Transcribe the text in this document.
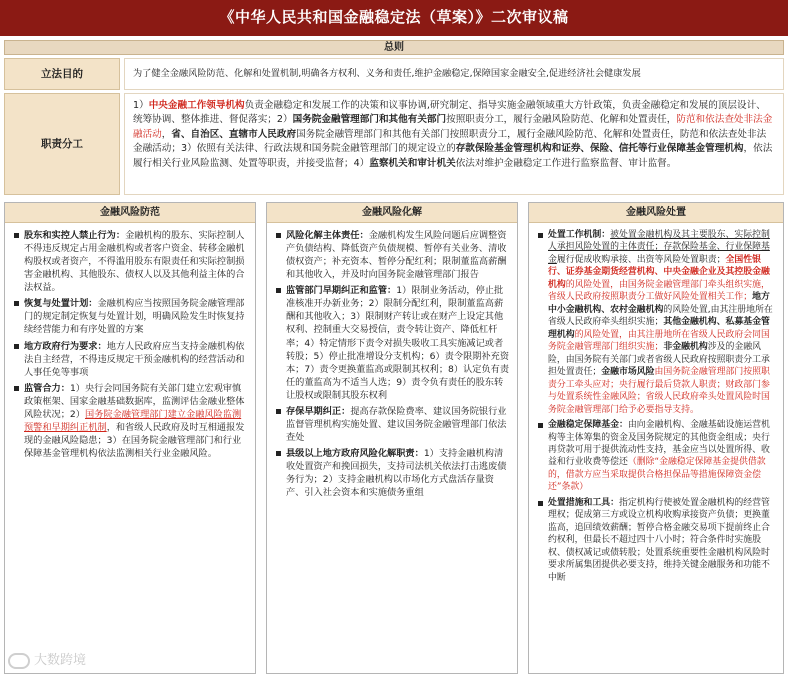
《中华人民共和国金融稳定法（草案）》二次审议稿
总则
立法目的	为了健全金融风险防范、化解和处置机制,明确各方权利、义务和责任,维护金融稳定,保障国家金融安全,促进经济社会健康发展
职责分工
1）中央金融工作领导机构负责金融稳定和发展工作的决策和议事协调,研究制定、指导实施金融领域重大方针政策，负责金融稳定和发展的顶层设计、统筹协调、整体推进、督促落实；2）国务院金融管理部门和其他有关部门按照职责分工，履行金融风险防范、化解和处置责任，防范和依法查处非法金融活动，省、自治区、直辖市人民政府国务院金融管理部门和其他有关部门按照职责分工，履行金融风险防范、化解和处置责任，防范和依法查处非法金融活动；3）依照有关法律、行政法规和国务院金融管理部门的规定设立的存款保险基金管理机构和证券、保险、信托等行业保障基金管理机构，依法履行相关行业风险监测、处置等职责，并接受监督；4）监察机关和审计机关依法对维护金融稳定工作进行监察监督、审计监督。
金融风险防范
股东和实控人禁止行为：金融机构的股东、实际控制人不得违反规定占用金融机构或者客户资金、转移金融机构股权或者资产，不得滥用股东有限责任和实际控制损害金融机构、其他股东、债权人以及其他利益主体的合法权益。
恢复与处置计划：金融机构应当按照国务院金融管理部门的规定制定恢复与处置计划，明确风险发生时恢复持续经营能力和有序处置的方案
地方政府行为要求：地方人民政府应当支持金融机构依法自主经营，不得违反规定干预金融机构的经营活动和人事任免等事项
监管合力：1）央行会同国务院有关部门建立宏观审慎政策框架、国家金融基础数据库，监测评估金融业整体风险状况；2）国务院金融管理部门建立金融风险监测预警和早期纠正机制，和省级人民政府及时互相通报发现的金融风险隐患；3）在国务院金融管理部门和行业保障基金管理机构依法监测相关行业金融风险。
金融风险化解
风险化解主体责任：金融机构发生风险问题后应调整资产负债结构、降低资产负债规模、暂停有关业务、清收债权资产；补充资本、暂停分配红利；限制董监高薪酬和其他收入，并及时向国务院金融管理部门报告
监管部门早期纠正和监管：1）限制业务活动，停止批准核准开办新业务；2）限制分配红利，限制董监高薪酬和其他收入；3）限制财产转让或在财产上设定其他权利、控制重大交易授信，责令转让资产、降低杠杆率；4）特定情形下责令对损失吸收工具实施减记或者转股；5）停止批准增设分支机构；6）责令限期补充资本；7）责令更换董监高或限制其权利；8）认定负有责任的董监高为不适当人选；9）责令负有责任的股东转让股权或限制其股东权利
存保早期纠正：提高存款保险费率、建议国务院银行业监督管理机构实施处置、建议国务院金融管理部门依法查处
县级以上地方政府风险化解职责：1）支持金融机构清收处置资产和挽回损失，支持司法机关依法打击逃废债务行为；2）支持金融机构以市场化方式盘活存量资产、引入社会资本和实施债务重组
金融风险处置
处置工作机制：被处置金融机构及其主要股东、实际控制人承担风险处置的主体责任；存款保险基金、行业保障基金履行促成收购承接、出资等风险处置职责；全国性银行、证券基金期货经营机构、中央金融企业及其控股金融机构的风险处置，由国务院金融管理部门牵头组织实施，省级人民政府按照职责分工做好风险处置相关工作；地方中小金融机构、农村金融机构的风险处置,由其注册地所在省级人民政府牵头组织实施；其他金融机构、私募基金管理机构的风险处置，由其注册地所在省级人民政府会同国务院金融管理部门组织实施；非金融机构涉及的金融风险，由国务院有关部门或者省级人民政府按照职责分工承担处置责任；金融市场风险由国务院金融管理部门按照职责分工牵头应对；央行履行最后贷款人职责；财政部门参与处置系统性金融风险；省级人民政府牵头处置风险时国务院金融管理部门给予必要指导支持。
金融稳定保障基金：由向金融机构、金融基础设施运营机构等主体筹集的资金及国务院规定的其他资金组成；央行再贷款可用于提供流动性支持，基金应当以处置所得、收益和行业收费等偿还（删除“金融稳定保障基金提供借款的，借款方应当采取提供合格担保品等措施保障资金偿还”条款）
处置措施和工具：指定机构行使被处置金融机构的经营管理权；促成第三方或设立机构收购承接资产负债；更换董监高，追回绩效薪酬；暂停合格金融交易项下提前终止合约权利，但最长不超过四十八小时；符合条件时实施股权、债权减记或债转股；处置系统重要性金融机构风险时要求所属集团提供必要支持，维持关键金融服务和功能不中断
大数跨境
